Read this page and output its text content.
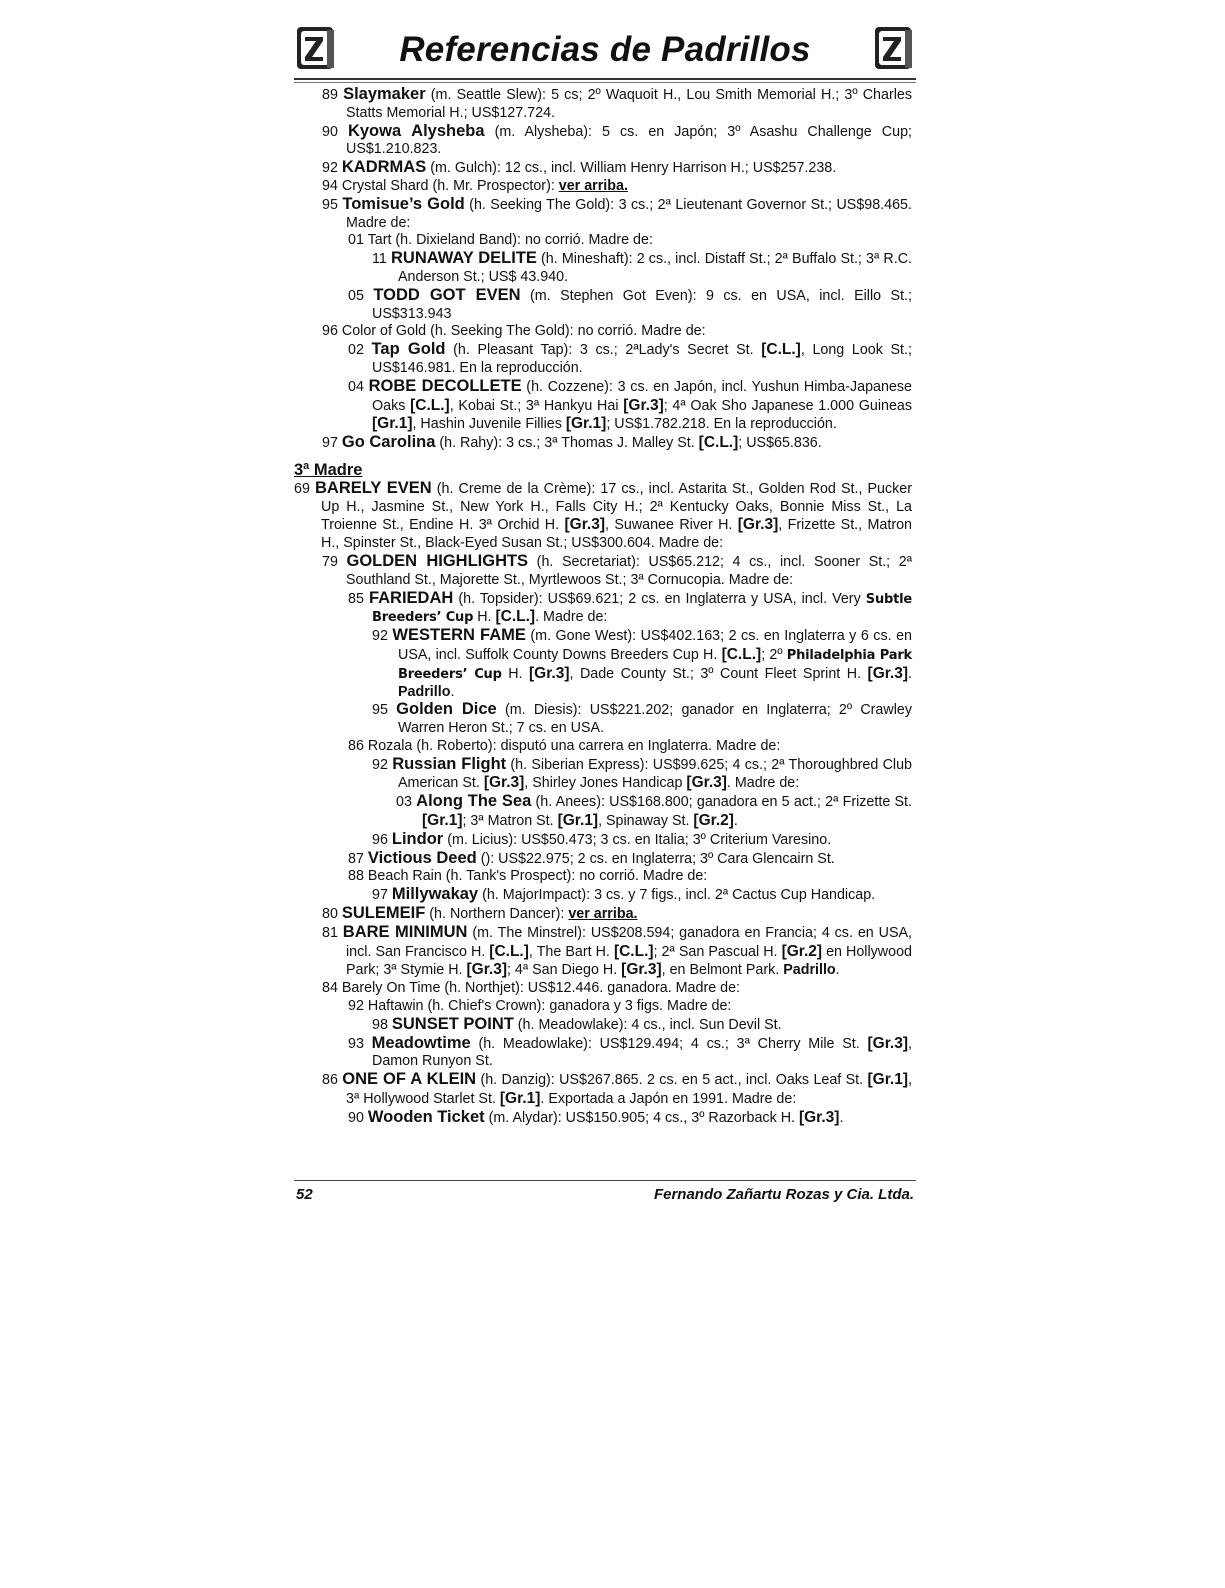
Referencias de Padrillos
89 Slaymaker (m. Seattle Slew): 5 cs; 2º Waquoit H., Lou Smith Memorial H.; 3º Charles Statts Memorial H.; US$127.724.
90 Kyowa Alysheba (m. Alysheba): 5 cs. en Japón; 3º Asashu Challenge Cup; US$1.210.823.
92 KADRMAS (m. Gulch): 12 cs., incl. William Henry Harrison H.; US$257.238.
94 Crystal Shard (h. Mr. Prospector): ver arriba.
95 Tomisue’s Gold (h. Seeking The Gold): 3 cs.; 2ª Lieutenant Governor St.; US$98.465. Madre de:
01 Tart (h. Dixieland Band): no corrió. Madre de:
11 RUNAWAY DELITE (h. Mineshaft): 2 cs., incl. Distaff St.; 2ª Buffalo St.; 3ª R.C. Anderson St.; US$ 43.940.
05 TODD GOT EVEN (m. Stephen Got Even): 9 cs. en USA, incl. Eillo St.; US$313.943
96 Color of Gold (h. Seeking The Gold): no corrió. Madre de:
02 Tap Gold (h. Pleasant Tap): 3 cs.; 2ªLady's Secret St. [C.L.], Long Look St.; US$146.981. En la reproducción.
04 ROBE DECOLLETE (h. Cozzene): 3 cs. en Japón, incl. Yushun Himba-Japanese Oaks [C.L.], Kobai St.; 3ª Hankyu Hai [Gr.3]; 4ª Oak Sho Japanese 1.000 Guineas [Gr.1], Hashin Juvenile Fillies [Gr.1]; US$1.782.218. En la reproducción.
97 Go Carolina (h. Rahy): 3 cs.; 3ª Thomas J. Malley St. [C.L.]; US$65.836.
3ª Madre
69 BARELY EVEN (h. Creme de la Crème): 17 cs., incl. Astarita St., Golden Rod St., Pucker Up H., Jasmine St., New York H., Falls City H.; 2ª Kentucky Oaks, Bonnie Miss St., La Troienne St., Endine H. 3ª Orchid H. [Gr.3], Suwanee River H. [Gr.3], Frizette St., Matron H., Spinster St., Black-Eyed Susan St.; US$300.604. Madre de:
79 GOLDEN HIGHLIGHTS (h. Secretariat): US$65.212; 4 cs., incl. Sooner St.; 2ª Southland St., Majorette St., Myrtlewoos St.; 3ª Cornucopia. Madre de:
85 FARIEDAH (h. Topsider): US$69.621; 2 cs. en Inglaterra y USA, incl. Very Subtle Breeders’ Cup H. [C.L.]. Madre de:
92 WESTERN FAME (m. Gone West): US$402.163; 2 cs. en Inglaterra y 6 cs. en USA, incl. Suffolk County Downs Breeders Cup H. [C.L.]; 2º Philadelphia Park Breeders’ Cup H. [Gr.3], Dade County St.; 3º Count Fleet Sprint H. [Gr.3]. Padrillo.
95 Golden Dice (m. Diesis): US$221.202; ganador en Inglaterra; 2º Crawley Warren Heron St.; 7 cs. en USA.
86 Rozala (h. Roberto): disputó una carrera en Inglaterra. Madre de:
92 Russian Flight (h. Siberian Express): US$99.625; 4 cs.; 2ª Thoroughbred Club American St. [Gr.3], Shirley Jones Handicap [Gr.3]. Madre de:
03 Along The Sea (h. Anees): US$168.800; ganadora en 5 act.; 2ª Frizette St. [Gr.1]; 3ª Matron St. [Gr.1], Spinaway St. [Gr.2].
96 Lindor (m. Licius): US$50.473; 3 cs. en Italia; 3º Criterium Varesino.
87 Victious Deed (): US$22.975; 2 cs. en Inglaterra; 3º Cara Glencairn St.
88 Beach Rain (h. Tank's Prospect): no corrió. Madre de:
97 Millywakay (h. MajorImpact): 3 cs. y 7 figs., incl. 2ª Cactus Cup Handicap.
80 SULEMEIF (h. Northern Dancer): ver arriba.
81 BARE MINIMUN (m. The Minstrel): US$208.594; ganadora en Francia; 4 cs. en USA, incl. San Francisco H. [C.L.], The Bart H. [C.L.]; 2ª San Pascual H. [Gr.2] en Hollywood Park; 3ª Stymie H. [Gr.3]; 4ª San Diego H. [Gr.3], en Belmont Park. Padrillo.
84 Barely On Time (h. Northjet): US$12.446. ganadora. Madre de:
92 Haftawin (h. Chief's Crown): ganadora y 3 figs. Madre de:
98 SUNSET POINT (h. Meadowlake): 4 cs., incl. Sun Devil St.
93 Meadowtime (h. Meadowlake): US$129.494; 4 cs.; 3ª Cherry Mile St. [Gr.3], Damon Runyon St.
86 ONE OF A KLEIN (h. Danzig): US$267.865. 2 cs. en 5 act., incl. Oaks Leaf St. [Gr.1], 3ª Hollywood Starlet St. [Gr.1]. Exportada a Japón en 1991. Madre de:
90 Wooden Ticket (m. Alydar): US$150.905; 4 cs., 3º Razorback H. [Gr.3].
52	Fernando Zañartu Rozas y Cia. Ltda.
